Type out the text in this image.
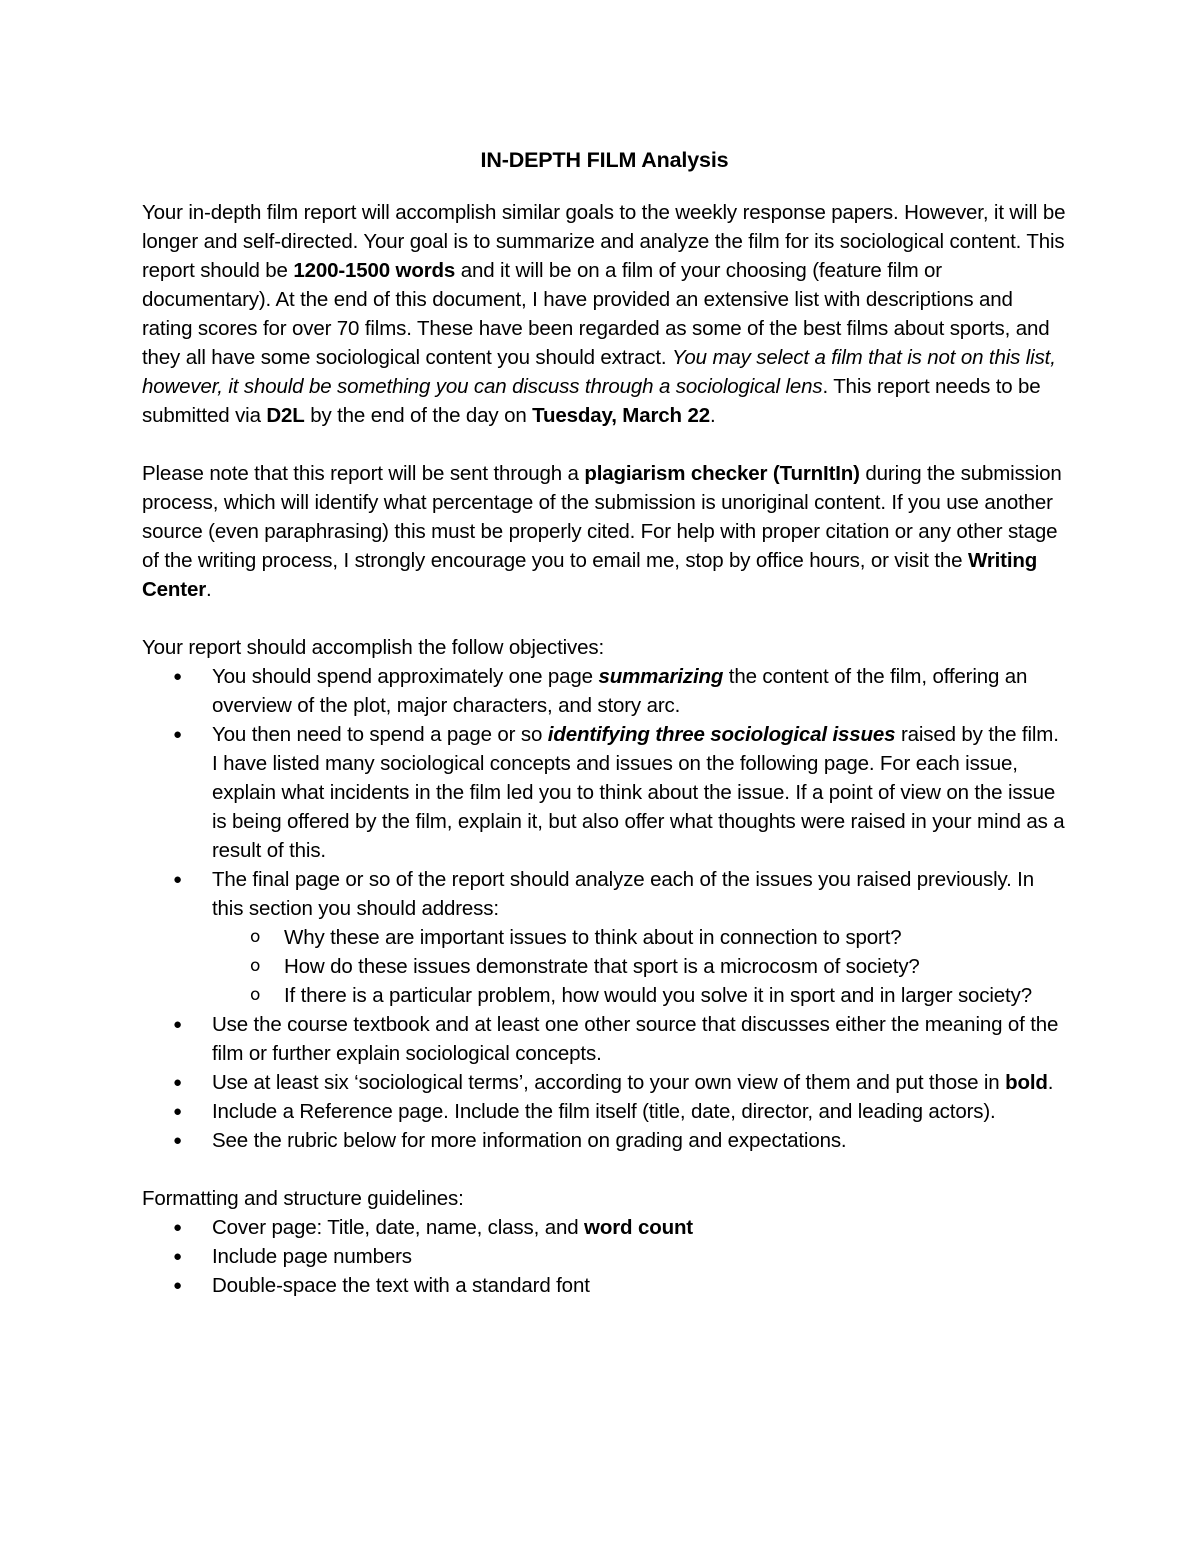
IN-DEPTH FILM Analysis

Your in-depth film report will accomplish similar goals to the weekly response papers. However, it will be longer and self-directed. Your goal is to summarize and analyze the film for its sociological content. This report should be 1200-1500 words and it will be on a film of your choosing (feature film or documentary). At the end of this document, I have provided an extensive list with descriptions and rating scores for over 70 films. These have been regarded as some of the best films about sports, and they all have some sociological content you should extract. You may select a film that is not on this list, however, it should be something you can discuss through a sociological lens. This report needs to be submitted via D2L by the end of the day on Tuesday, March 22.

Please note that this report will be sent through a plagiarism checker (TurnItIn) during the submission process, which will identify what percentage of the submission is unoriginal content. If you use another source (even paraphrasing) this must be properly cited. For help with proper citation or any other stage of the writing process, I strongly encourage you to email me, stop by office hours, or visit the Writing Center.

Your report should accomplish the follow objectives:
● You should spend approximately one page summarizing the content of the film, offering an overview of the plot, major characters, and story arc.
● You then need to spend a page or so identifying three sociological issues raised by the film. I have listed many sociological concepts and issues on the following page. For each issue, explain what incidents in the film led you to think about the issue. If a point of view on the issue is being offered by the film, explain it, but also offer what thoughts were raised in your mind as a result of this.
● The final page or so of the report should analyze each of the issues you raised previously. In this section you should address:
o Why these are important issues to think about in connection to sport?
o How do these issues demonstrate that sport is a microcosm of society?
o If there is a particular problem, how would you solve it in sport and in larger society?
● Use the course textbook and at least one other source that discusses either the meaning of the film or further explain sociological concepts.
● Use at least six ‘sociological terms’, according to your own view of them and put those in bold.
● Include a Reference page. Include the film itself (title, date, director, and leading actors).
● See the rubric below for more information on grading and expectations.
Formatting and structure guidelines:
● Cover page: Title, date, name, class, and word count
● Include page numbers
● Double-space the text with a standard font
